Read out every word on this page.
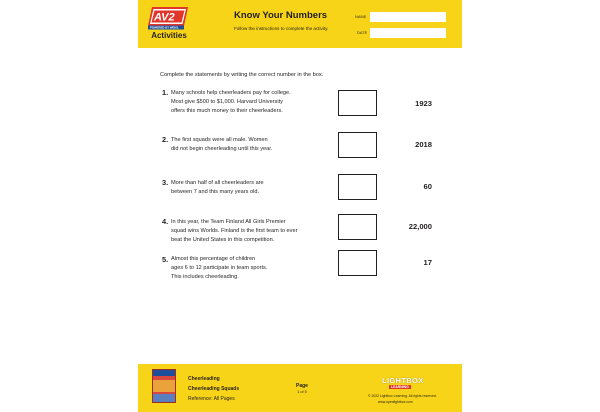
AV2
POWERED BY WEIGL
Activities
Know Your Numbers
Follow the instructions to complete the activity.
NAME
DATE
Complete the statements by writing the correct number in the box.
1. Many schools help cheerleaders pay for college.
Most give $500 to $1,000. Harvard University
offers this much money to their cheerleaders.
1923
2. The first squads were all male. Women
did not begin cheerleading until this year.	2018
3. More than half of all cheerleaders are
between 7 and this many years old.
60
4. In this year, the Team Finland All Girls Premier
squad wins Worlds. Finland is the first team to ever
beat the United States in this competition.
22,000
5. Almost this percentage of children
ages 6 to 12 participate in team sports.
This includes cheerleading.
17
Cheerleading
Cheerleading Squads
Reference: All Pages
Page
1 of 5
LIGHTBOX
LEARNING
© 2022 Lightbox Learning. All rights reserved.
www.openlightbox.com
